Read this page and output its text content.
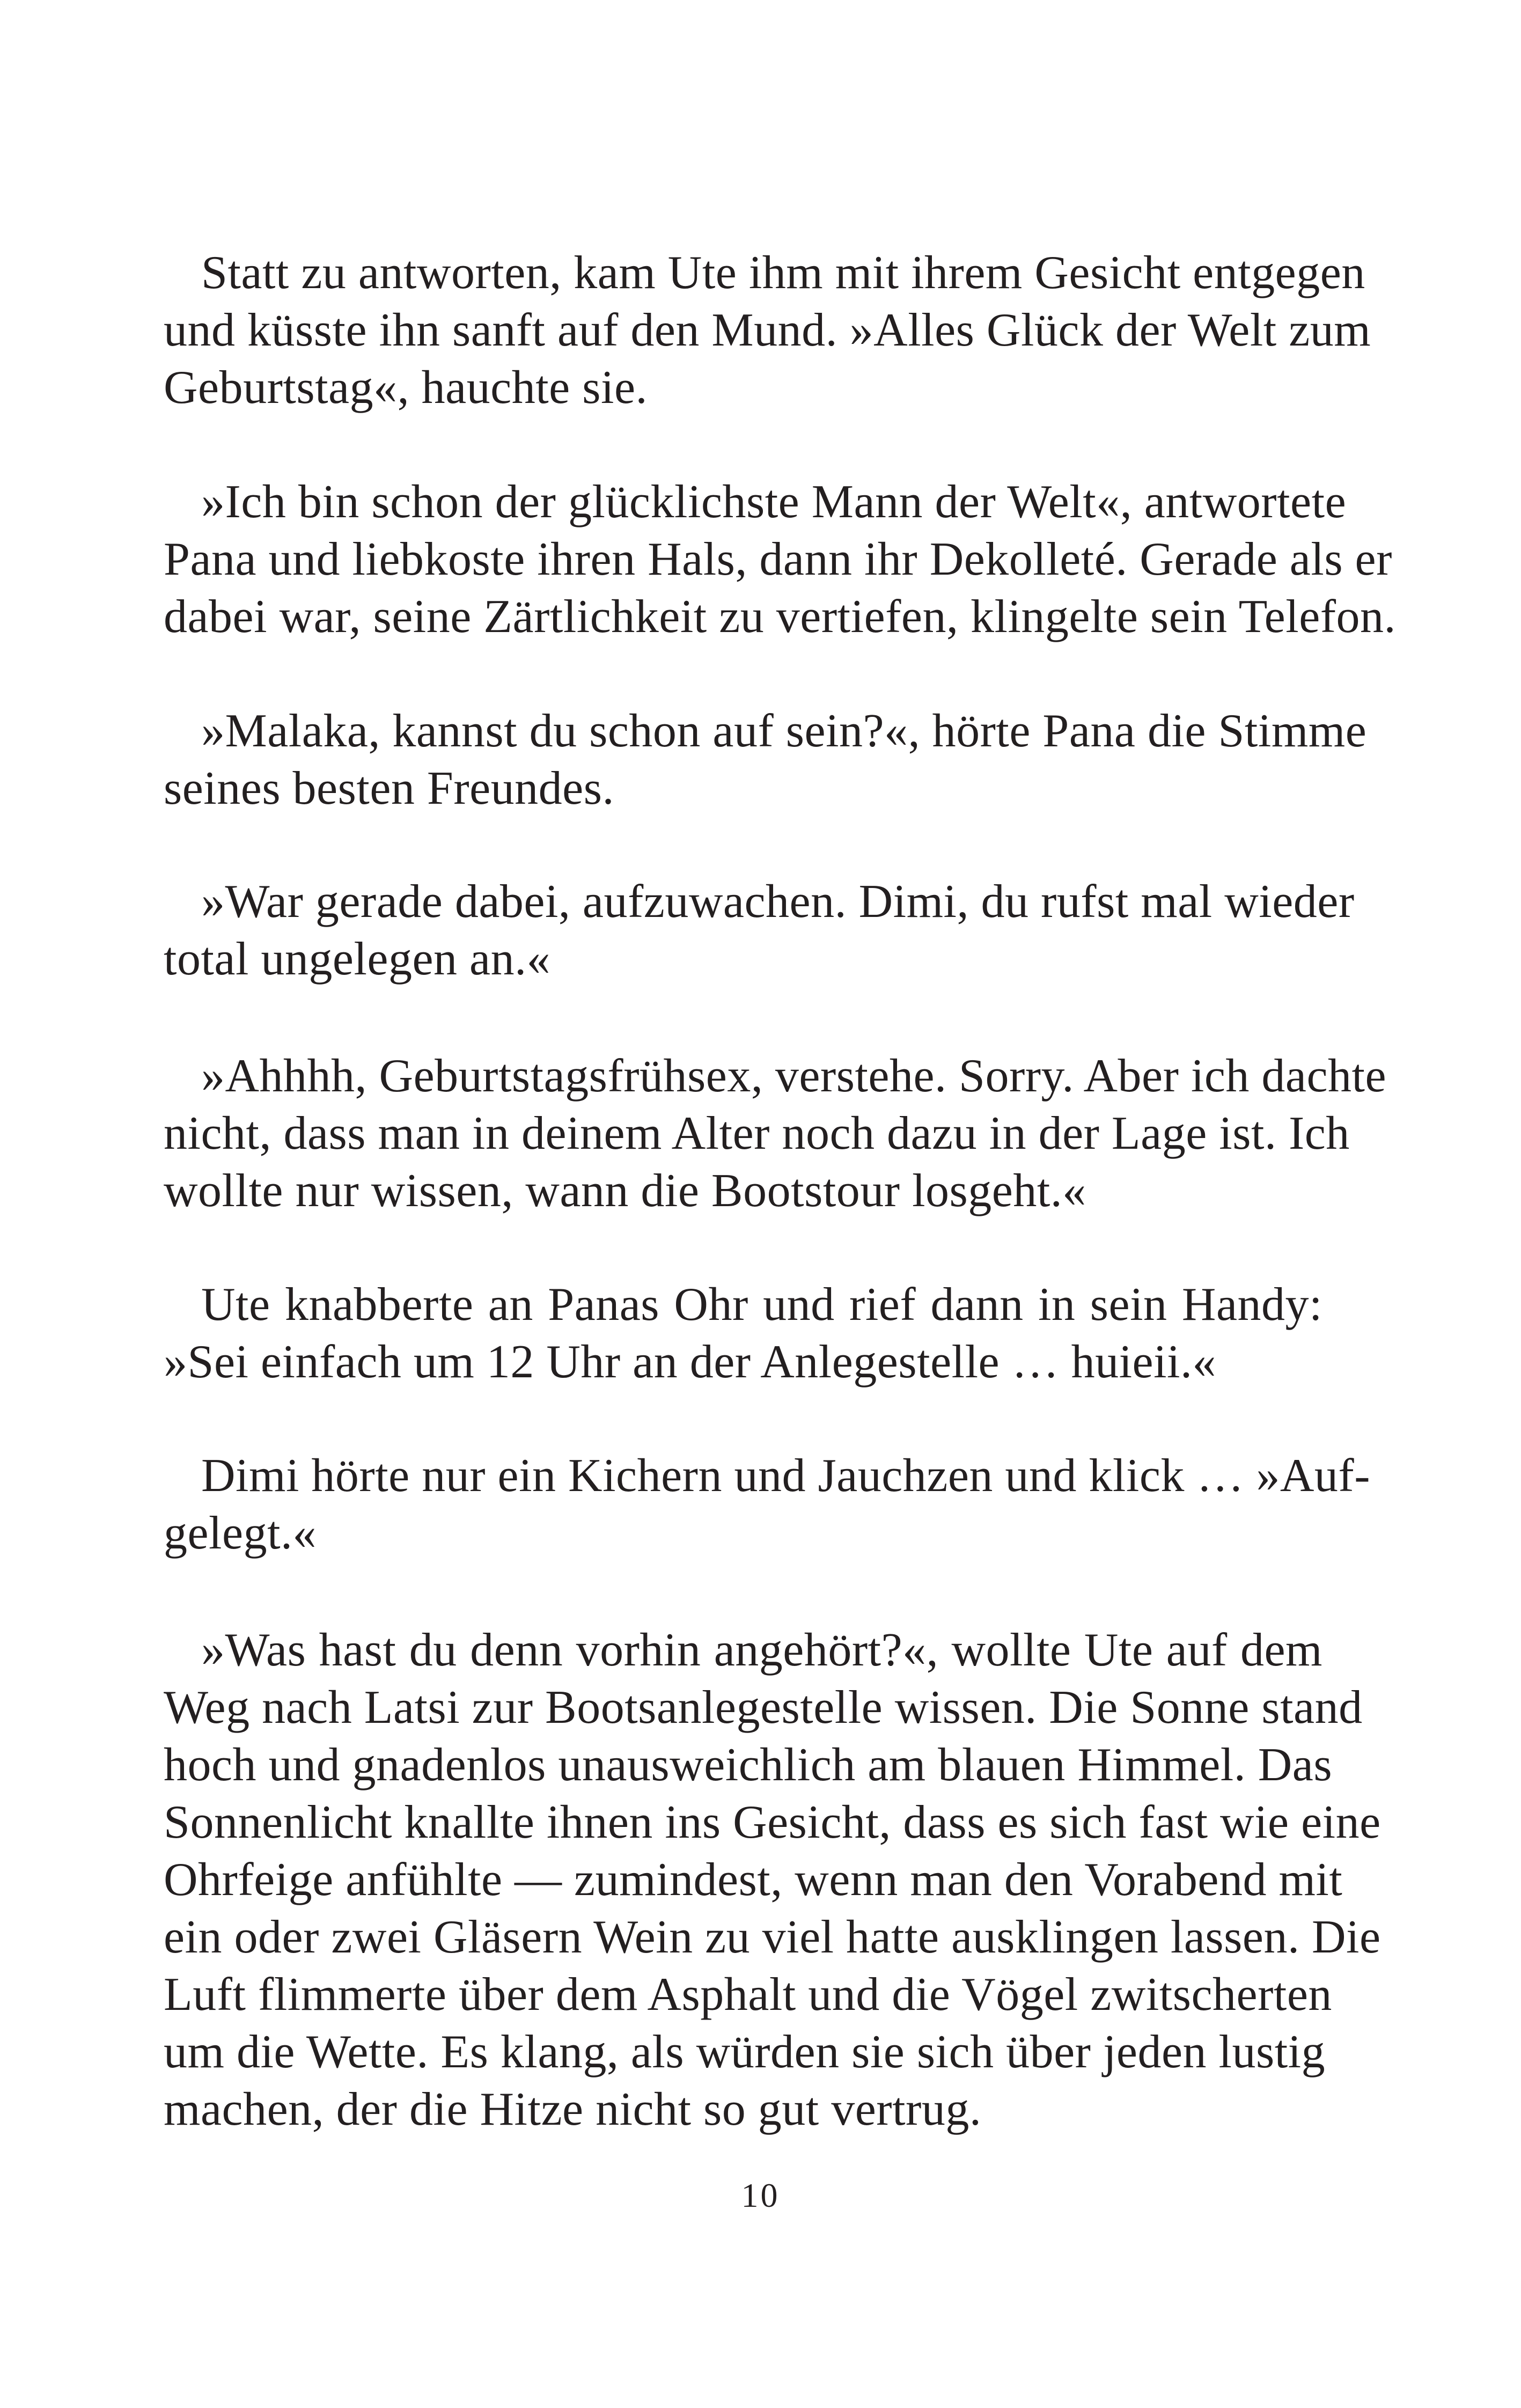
Statt zu antworten, kam Ute ihm mit ihrem Gesicht entgegen
und küsste ihn sanft auf den Mund. »Alles Glück der Welt zum
Geburtstag«, hauchte sie.

»Ich bin schon der glücklichste Mann der Welt«, antwortete
Pana und liebkoste ihren Hals, dann ihr Dekolleté. Gerade als er
dabei war, seine Zärtlichkeit zu vertiefen, klingelte sein Telefon.

»Malaka, kannst du schon auf sein?«, hörte Pana die Stimme
seines besten Freundes.

»War gerade dabei, aufzuwachen. Dimi, du rufst mal wieder
total ungelegen an.«

»Ahhhh, Geburtstagsfrühsex, verstehe. Sorry. Aber ich dachte
nicht, dass man in deinem Alter noch dazu in der Lage ist. Ich
wollte nur wissen, wann die Bootstour losgeht.«

Ute knabberte an Panas Ohr und rief dann in sein Handy:
»Sei einfach um 12 Uhr an der Anlegestelle … huieii.«

Dimi hörte nur ein Kichern und Jauchzen und klick … »Auf-
gelegt.«

»Was hast du denn vorhin angehört?«, wollte Ute auf dem
Weg nach Latsi zur Bootsanlegestelle wissen. Die Sonne stand
hoch und gnadenlos unausweichlich am blauen Himmel. Das
Sonnenlicht knallte ihnen ins Gesicht, dass es sich fast wie eine
Ohrfeige anfühlte — zumindest, wenn man den Vorabend mit
ein oder zwei Gläsern Wein zu viel hatte ausklingen lassen. Die
Luft flimmerte über dem Asphalt und die Vögel zwitscherten
um die Wette. Es klang, als würden sie sich über jeden lustig
machen, der die Hitze nicht so gut vertrug.

10
